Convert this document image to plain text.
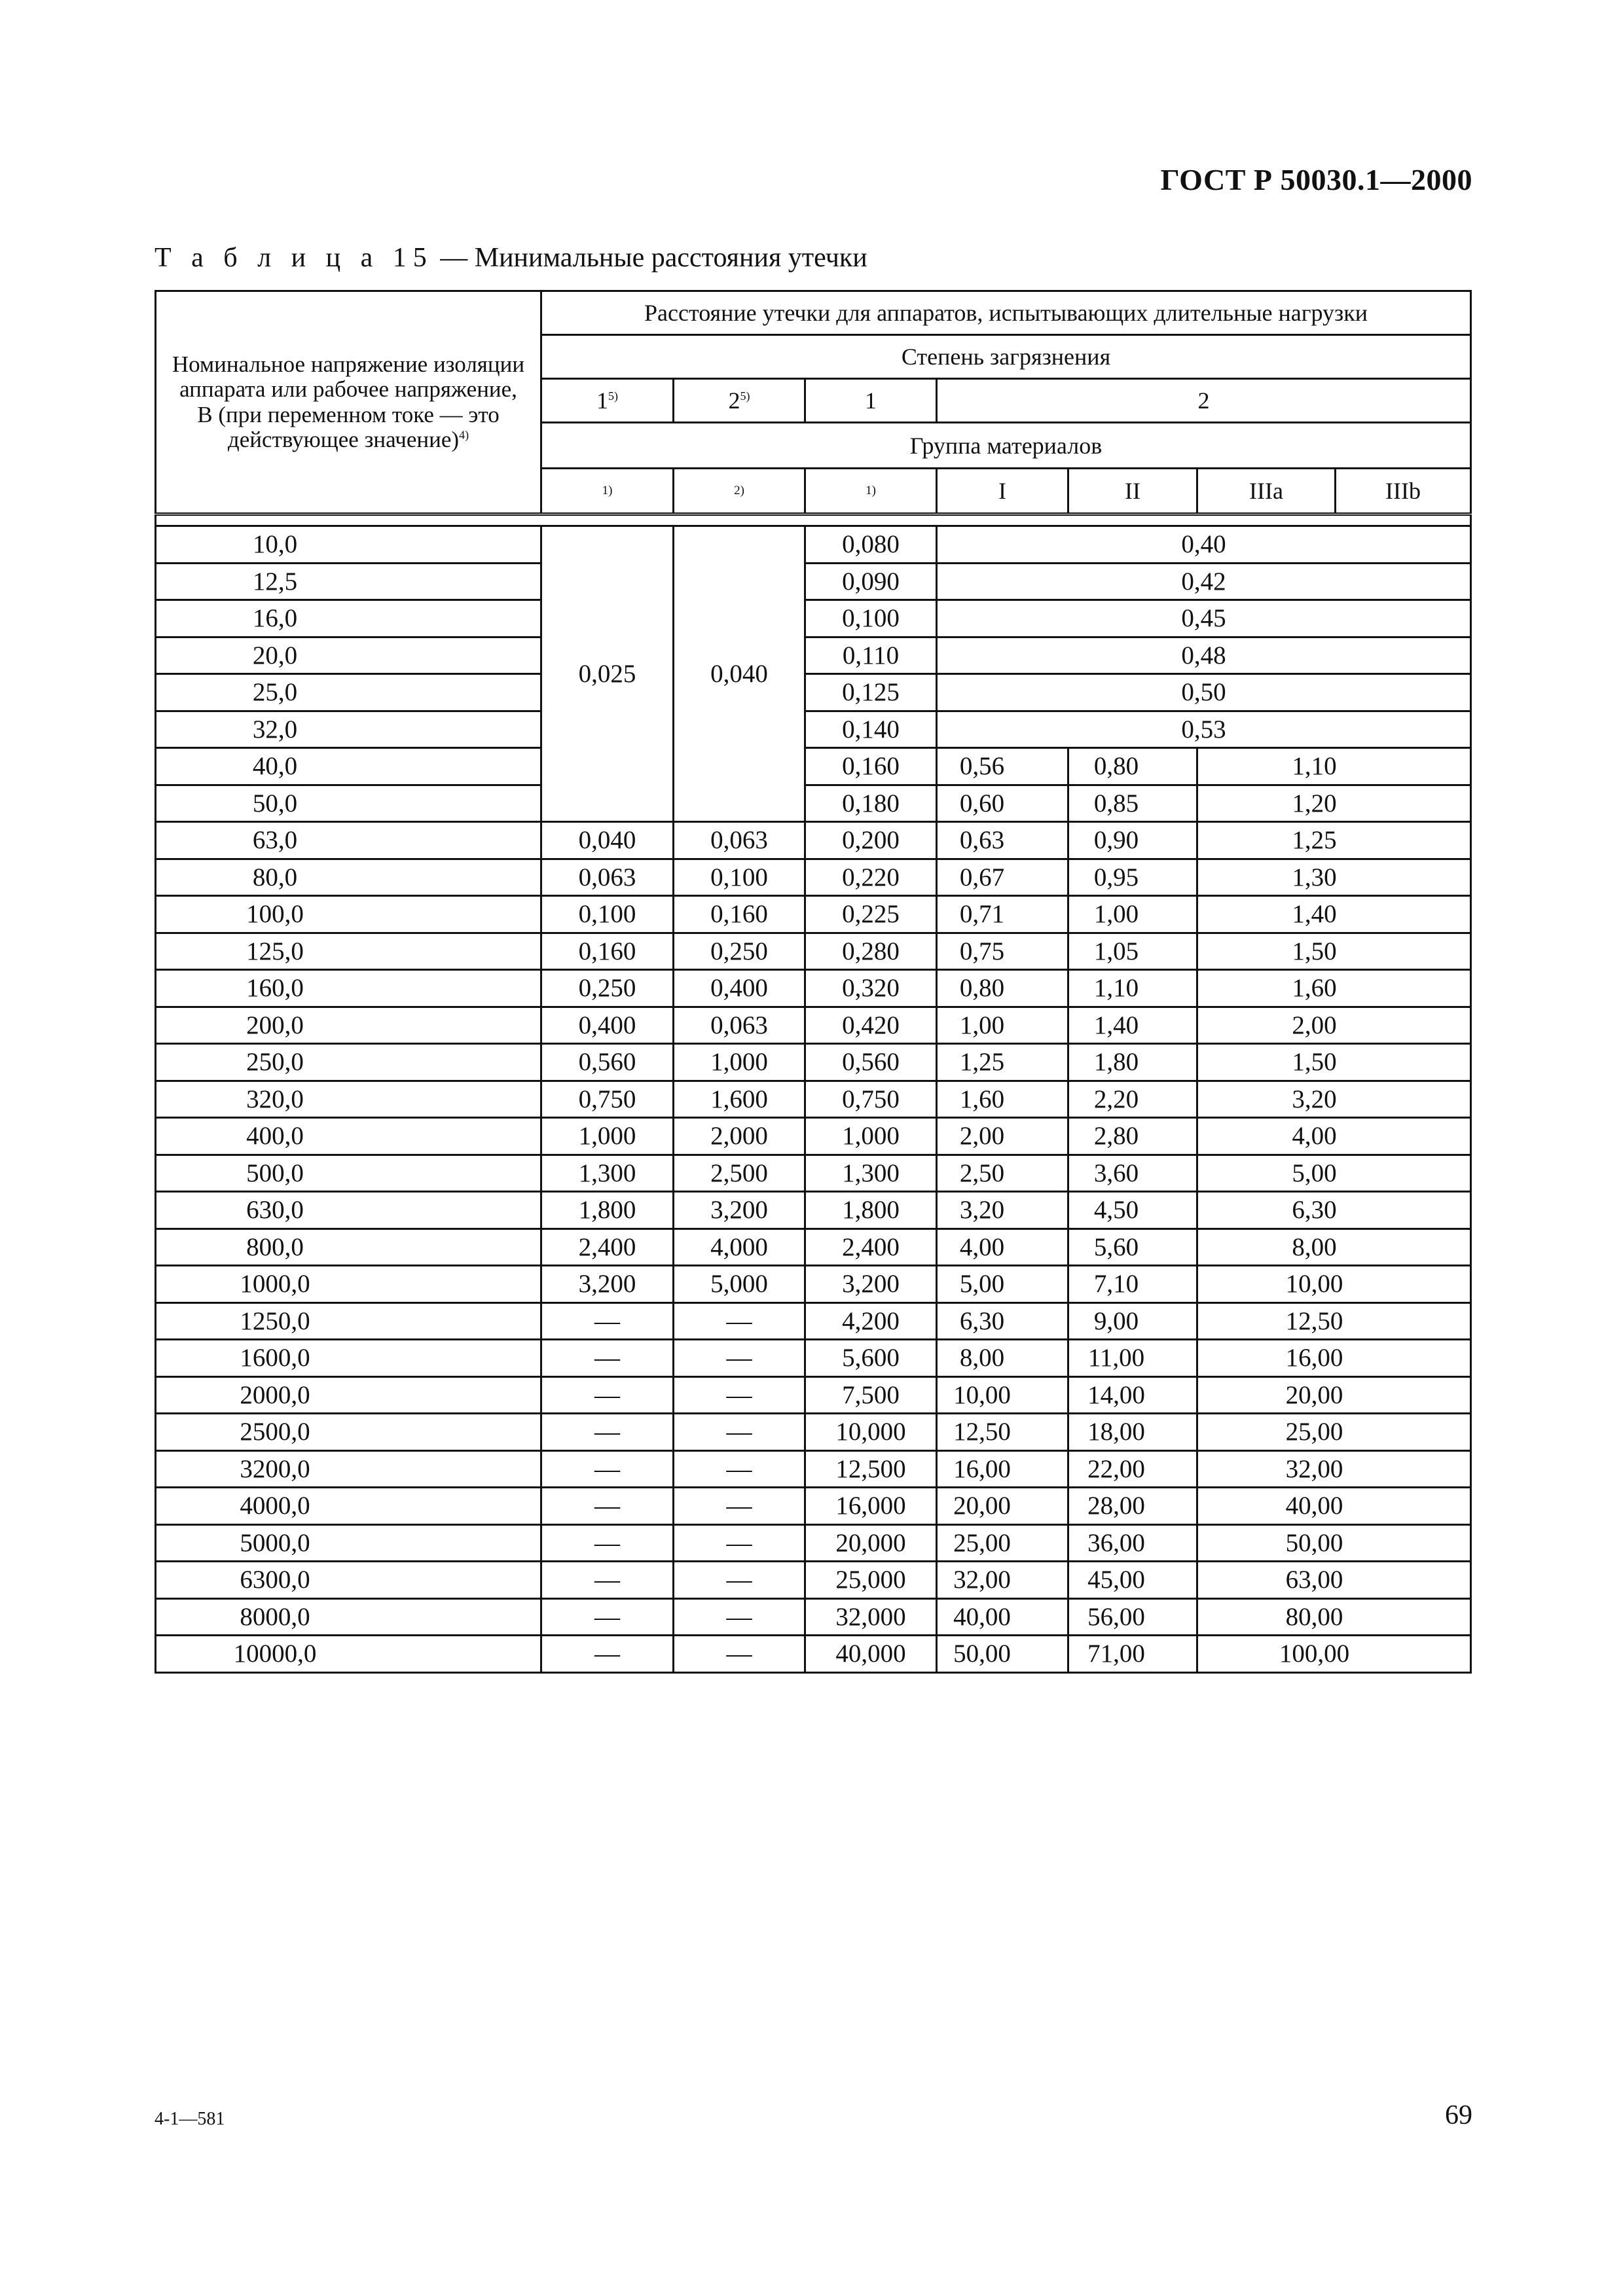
ГОСТ Р 50030.1—2000
Т а б л и ц а 15 — Минимальные расстояния утечки
Номинальное напряжение изоляции аппарата или рабочее напряжение, В (при переменном токе — это действующее значение)$^{4)}$	Расстояние утечки для аппаратов, испытывающих длительные нагрузки						
	Степень загрязнения						
	1$^{5)}$	2$^{5)}$	1	2			
	Группа материалов						
	1)	2)	1)	I	II	IIIa	IIIb

10,0	0,025	0,040	0,080	0,40			
12,5			0,090	0,42			
16,0			0,100	0,45			
20,0			0,110	0,48			
25,0			0,125	0,50			
32,0			0,140	0,53			
40,0			0,160	0,56	0,80	1,10	
50,0			0,180	0,60	0,85	1,20	
63,0	0,040	0,063	0,200	0,63	0,90	1,25	
80,0	0,063	0,100	0,220	0,67	0,95	1,30	
100,0	0,100	0,160	0,225	0,71	1,00	1,40	
125,0	0,160	0,250	0,280	0,75	1,05	1,50	
160,0	0,250	0,400	0,320	0,80	1,10	1,60	
200,0	0,400	0,063	0,420	1,00	1,40	2,00	
250,0	0,560	1,000	0,560	1,25	1,80	1,50	
320,0	0,750	1,600	0,750	1,60	2,20	3,20	
400,0	1,000	2,000	1,000	2,00	2,80	4,00	
500,0	1,300	2,500	1,300	2,50	3,60	5,00	
630,0	1,800	3,200	1,800	3,20	4,50	6,30	
800,0	2,400	4,000	2,400	4,00	5,60	8,00	
1000,0	3,200	5,000	3,200	5,00	7,10	10,00	
1250,0	—	—	4,200	6,30	9,00	12,50	
1600,0	—	—	5,600	8,00	11,00	16,00	
2000,0	—	—	7,500	10,00	14,00	20,00	
2500,0	—	—	10,000	12,50	18,00	25,00	
3200,0	—	—	12,500	16,00	22,00	32,00	
4000,0	—	—	16,000	20,00	28,00	40,00	
5000,0	—	—	20,000	25,00	36,00	50,00	
6300,0	—	—	25,000	32,00	45,00	63,00	
8000,0	—	—	32,000	40,00	56,00	80,00	
10000,0	—	—	40,000	50,00	71,00	100,00	
4-1—581	69
